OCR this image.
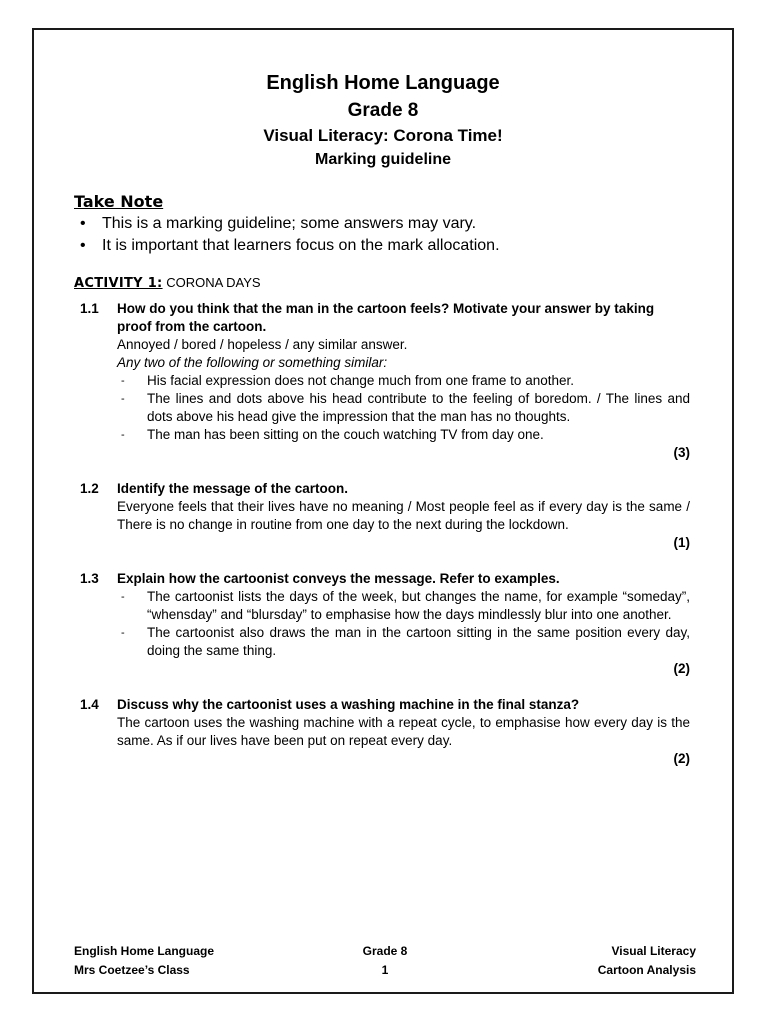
English Home Language
Grade 8
Visual Literacy: Corona Time!
Marking guideline
Take Note
• This is a marking guideline; some answers may vary.
• It is important that learners focus on the mark allocation.
ACTIVITY 1: CORONA DAYS
1.1 How do you think that the man in the cartoon feels? Motivate your answer by taking proof from the cartoon.
Annoyed / bored / hopeless / any similar answer.
Any two of the following or something similar:
- His facial expression does not change much from one frame to another.
- The lines and dots above his head contribute to the feeling of boredom. / The lines and dots above his head give the impression that the man has no thoughts.
- The man has been sitting on the couch watching TV from day one.
(3)
1.2 Identify the message of the cartoon.
Everyone feels that their lives have no meaning / Most people feel as if every day is the same / There is no change in routine from one day to the next during the lockdown.
(1)
1.3 Explain how the cartoonist conveys the message. Refer to examples.
- The cartoonist lists the days of the week, but changes the name, for example “someday”, “whensday” and “blursday” to emphasise how the days mindlessly blur into one another.
- The cartoonist also draws the man in the cartoon sitting in the same position every day, doing the same thing.
(2)
1.4 Discuss why the cartoonist uses a washing machine in the final stanza?
The cartoon uses the washing machine with a repeat cycle, to emphasise how every day is the same. As if our lives have been put on repeat every day.
(2)
English Home Language	Grade 8	Visual Literacy
Mrs Coetzee’s Class	1	Cartoon Analysis
